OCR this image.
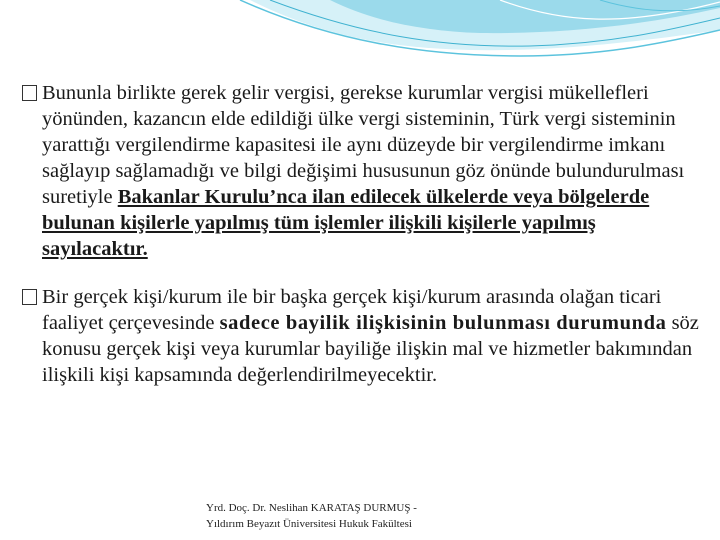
Bununla birlikte gerek gelir vergisi, gerekse kurumlar vergisi mükellefleri yönünden, kazancın elde edildiği ülke vergi sisteminin, Türk vergi sisteminin yarattığı vergilendirme kapasitesi ile aynı düzeyde bir vergilendirme imkanı sağlayıp sağlamadığı ve bilgi değişimi hususunun göz önünde bulundurulması suretiyle Bakanlar Kurulu’nca ilan edilecek ülkelerde veya bölgelerde bulunan kişilerle yapılmış tüm işlemler ilişkili kişilerle yapılmış sayılacaktır.

Bir gerçek kişi/kurum ile bir başka gerçek kişi/kurum arasında olağan ticari faaliyet çerçevesinde sadece bayilik ilişkisinin bulunması durumunda söz konusu gerçek kişi veya kurumlar bayiliğe ilişkin mal ve hizmetler bakımından ilişkili kişi kapsamında değerlendirilmeyecektir.

Yrd. Doç. Dr. Neslihan KARATAŞ DURMUŞ -
Yıldırım Beyazıt Üniversitesi Hukuk Fakültesi
